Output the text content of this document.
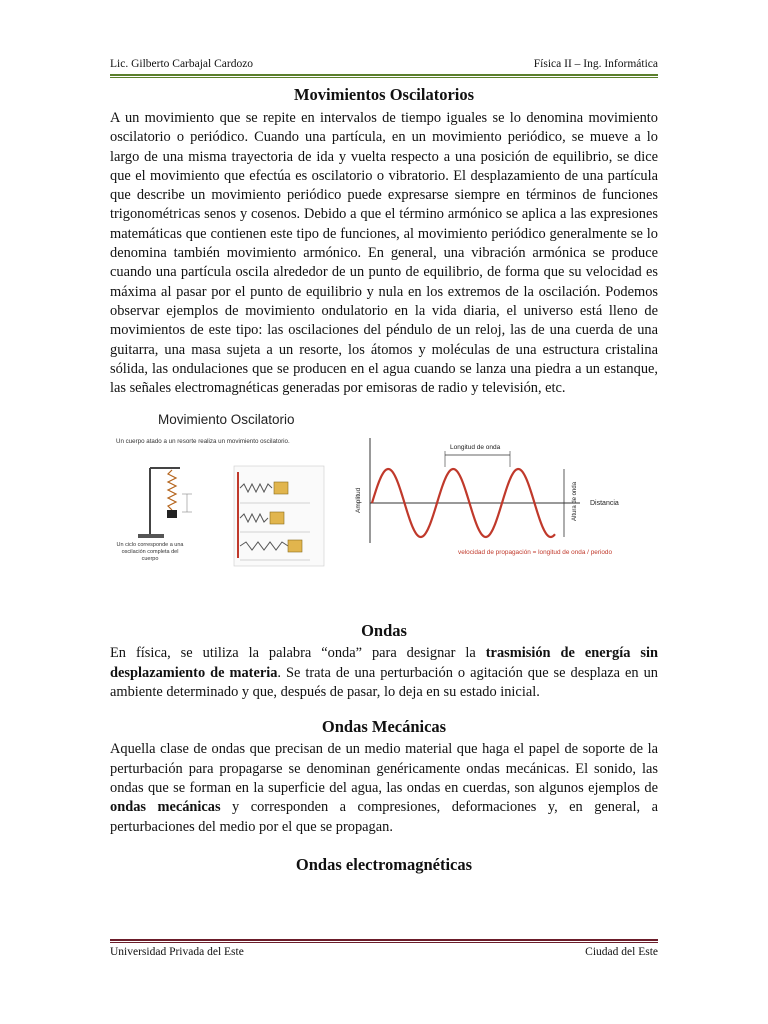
Lic. Gilberto Carbajal Cardozo	Física II – Ing. Informática
Movimientos Oscilatorios

A un movimiento que se repite en intervalos de tiempo iguales se lo denomina movimiento oscilatorio o periódico. Cuando una partícula, en un movimiento periódico, se mueve a lo largo de una misma trayectoria de ida y vuelta respecto a una posición de equilibrio, se dice que el movimiento que efectúa es oscilatorio o vibratorio. El desplazamiento de una partícula que describe un movimiento periódico puede expresarse siempre en términos de funciones trigonométricas senos y cosenos. Debido a que el término armónico se aplica a las expresiones matemáticas que contienen este tipo de funciones, al movimiento periódico generalmente se lo denomina también movimiento armónico. En general, una vibración armónica se produce cuando una partícula oscila alrededor de un punto de equilibrio, de forma que su velocidad es máxima al pasar por el punto de equilibrio y nula en los extremos de la oscilación. Podemos observar ejemplos de movimiento ondulatorio en la vida diaria, el universo está lleno de movimientos de este tipo: las oscilaciones del péndulo de un reloj, las de una cuerda de una guitarra, una masa sujeta a un resorte, los átomos y moléculas de una estructura cristalina sólida, las ondulaciones que se producen en el agua cuando se lanza una piedra a un estanque, las señales electromagnéticas generadas por emisoras de radio y televisión, etc.

Movimiento Oscilatorio
Un cuerpo atado a un resorte realiza un movimiento oscilatorio.
Un ciclo corresponde a una oscilación completa del cuerpo
Longitud de onda
Amplitud	Altura de onda Distancia
velocidad de propagación = longitud de onda / periodo
Ondas

En física, se utiliza la palabra “onda” para designar la trasmisión de energía sin desplazamiento de materia. Se trata de una perturbación o agitación que se desplaza en un ambiente determinado y que, después de pasar, lo deja en su estado inicial.

Ondas Mecánicas

Aquella clase de ondas que precisan de un medio material que haga el papel de soporte de la perturbación para propagarse se denominan genéricamente ondas mecánicas. El sonido, las ondas que se forman en la superficie del agua, las ondas en cuerdas, son algunos ejemplos de ondas mecánicas y corresponden a compresiones, deformaciones y, en general, a perturbaciones del medio por el que se propagan.

Ondas electromagnéticas
Universidad Privada del Este	Ciudad del Este
